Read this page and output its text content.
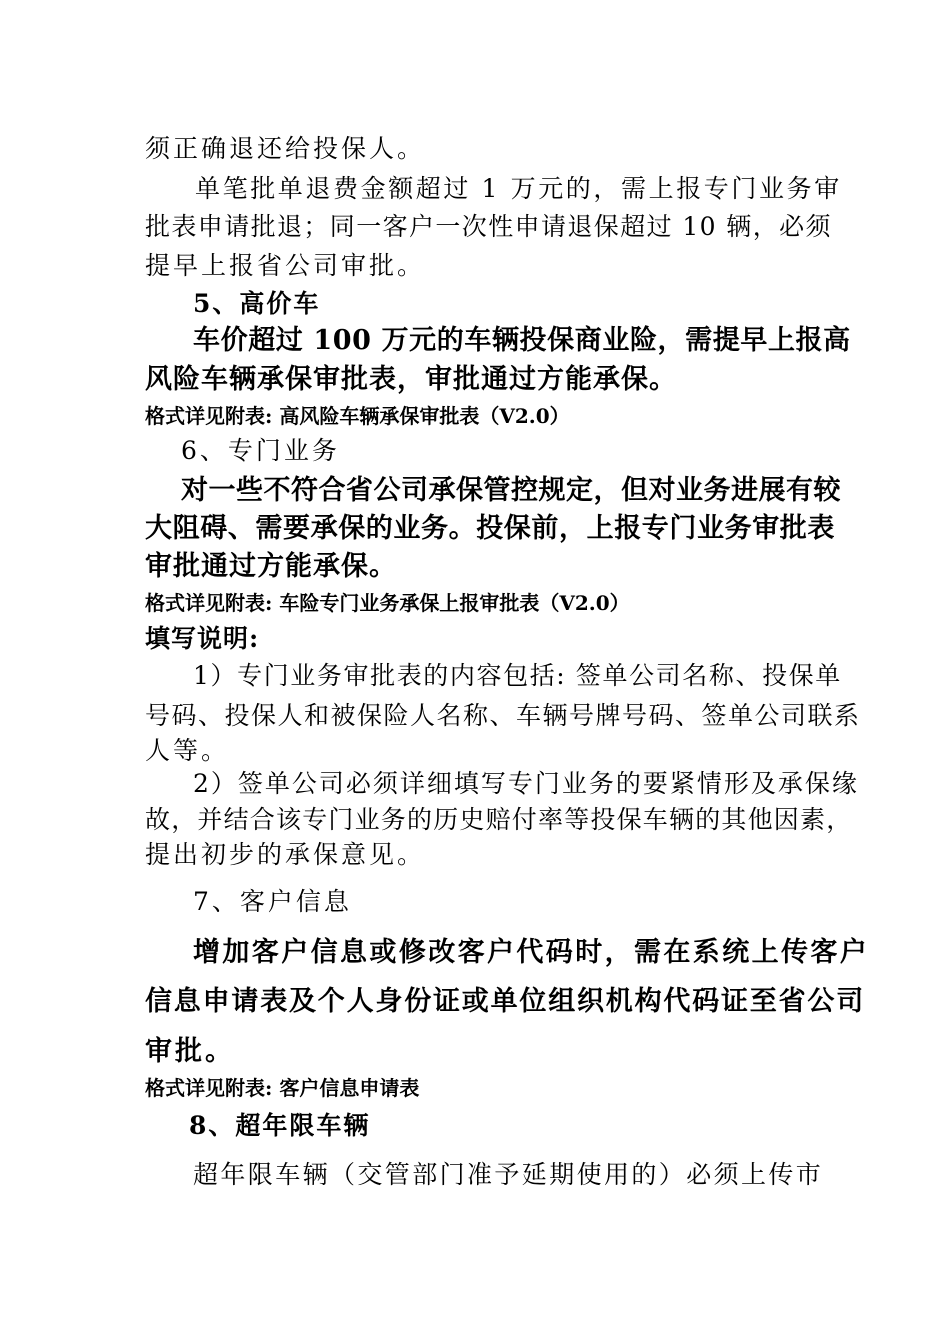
须正确退还给投保人。

单笔批单退费金额超过 1 万元的，需上报专门业务审

批表申请批退；同一客户一次性申请退保超过 10 辆，必须

提早上报省公司审批。

5、高价车

车价超过 100 万元的车辆投保商业险，需提早上报高

风险车辆承保审批表，审批通过方能承保。

格式详见附表: 高风险车辆承保审批表（V2.0）

6、专门业务

对一些不符合省公司承保管控规定，但对业务进展有较

大阻碍、需要承保的业务。投保前，上报专门业务审批表

审批通过方能承保。

格式详见附表: 车险专门业务承保上报审批表（V2.0）

填写说明:

1）专门业务审批表的内容包括: 签单公司名称、投保单

号码、投保人和被保险人名称、车辆号牌号码、签单公司联系

人等。

2）签单公司必须详细填写专门业务的要紧情形及承保缘

故，并结合该专门业务的历史赔付率等投保车辆的其他因素，

提出初步的承保意见。

7、客户信息

增加客户信息或修改客户代码时，需在系统上传客户

信息申请表及个人身份证或单位组织机构代码证至省公司

审批。

格式详见附表: 客户信息申请表

8、超年限车辆

超年限车辆（交管部门准予延期使用的）必须上传市
